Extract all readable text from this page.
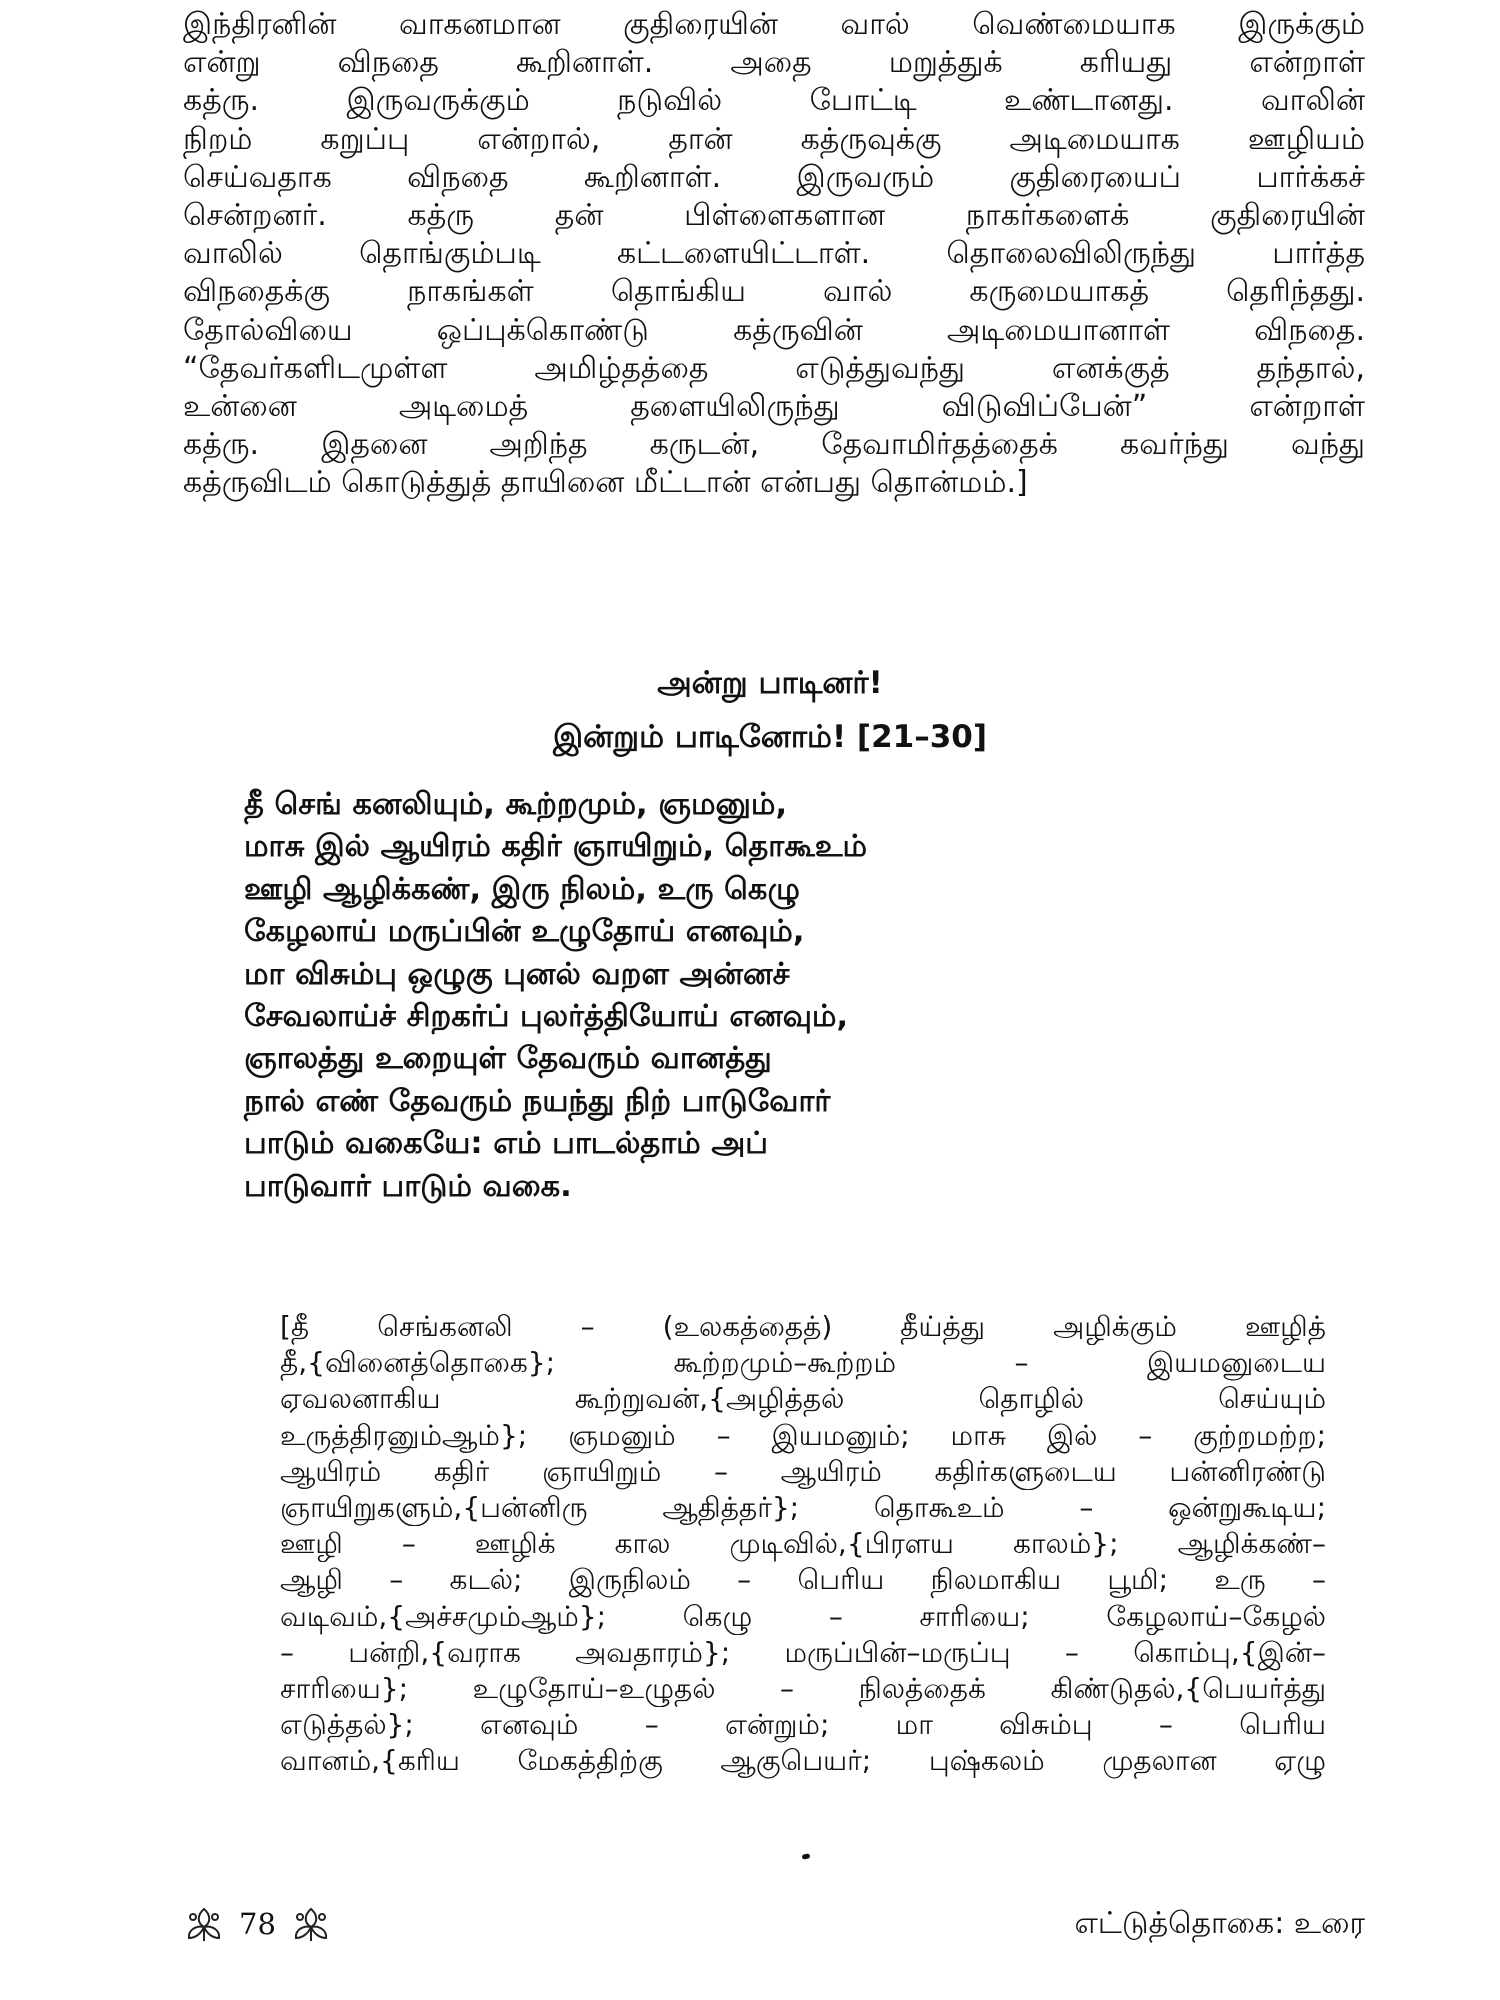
இந்திரனின் வாகனமான குதிரையின் வால் வெண்மையாக இருக்கும்
என்று விநதை கூறினாள். அதை மறுத்துக் கரியது என்றாள்
கத்ரு. இருவருக்கும் நடுவில் போட்டி உண்டானது. வாலின்
நிறம் கறுப்பு என்றால், தான் கத்ருவுக்கு அடிமையாக ஊழியம்
செய்வதாக விநதை கூறினாள். இருவரும் குதிரையைப் பார்க்கச்
சென்றனர். கத்ரு தன் பிள்ளைகளான நாகர்களைக் குதிரையின்
வாலில் தொங்கும்படி கட்டளையிட்டாள். தொலைவிலிருந்து பார்த்த
விநதைக்கு நாகங்கள் தொங்கிய வால் கருமையாகத் தெரிந்தது.
தோல்வியை ஒப்புக்கொண்டு கத்ருவின் அடிமையானாள் விநதை.
“தேவர்களிடமுள்ள அமிழ்தத்தை எடுத்துவந்து எனக்குத் தந்தால்,
உன்னை அடிமைத் தளையிலிருந்து விடுவிப்பேன்” என்றாள்
கத்ரு. இதனை அறிந்த கருடன், தேவாமிர்தத்தைக் கவர்ந்து வந்து
கத்ருவிடம் கொடுத்துத் தாயினை மீட்டான் என்பது தொன்மம்.]
அன்று பாடினர்!
இன்றும் பாடினோம்! [21–30]
தீ செங் கனலியும், கூற்றமும், ஞமனும்,
மாசு இல் ஆயிரம் கதிர் ஞாயிறும், தொகூஉம்
ஊழி ஆழிக்கண், இரு நிலம், உரு கெழு
கேழலாய் மருப்பின் உழுதோய் எனவும்,
மா விசும்பு ஒழுகு புனல் வறள அன்னச்
சேவலாய்ச் சிறகர்ப் புலர்த்தியோய் எனவும்,
ஞாலத்து உறையுள் தேவரும் வானத்து
நால் எண் தேவரும் நயந்து நிற் பாடுவோர்
பாடும் வகையே: எம் பாடல்தாம் அப்
பாடுவார் பாடும் வகை.
[தீ செங்கனலி – (உலகத்தைத்) தீய்த்து அழிக்கும் ஊழித்
தீ,{வினைத்தொகை}; கூற்றமும்–கூற்றம் – இயமனுடைய
ஏவலனாகிய கூற்றுவன்,{அழித்தல் தொழில் செய்யும்
உருத்திரனும்ஆம்}; ஞமனும் – இயமனும்; மாசு இல் – குற்றமற்ற;
ஆயிரம் கதிர் ஞாயிறும் – ஆயிரம் கதிர்களுடைய பன்னிரண்டு
ஞாயிறுகளும்,{பன்னிரு ஆதித்தர்}; தொகூஉம் – ஒன்றுகூடிய;
ஊழி – ஊழிக் கால முடிவில்,{பிரளய காலம்}; ஆழிக்கண்–
ஆழி – கடல்; இருநிலம் – பெரிய நிலமாகிய பூமி; உரு –
வடிவம்,{அச்சமும்ஆம்}; கெழு – சாரியை; கேழலாய்–கேழல்
– பன்றி,{வராக அவதாரம்}; மருப்பின்–மருப்பு – கொம்பு,{இன்–
சாரியை}; உழுதோய்–உழுதல் – நிலத்தைக் கிண்டுதல்,{பெயர்த்து
எடுத்தல்}; எனவும் – என்றும்; மா விசும்பு – பெரிய
வானம்,{கரிய மேகத்திற்கு ஆகுபெயர்; புஷ்கலம் முதலான ஏழு
78	எட்டுத்தொகை: உரை
